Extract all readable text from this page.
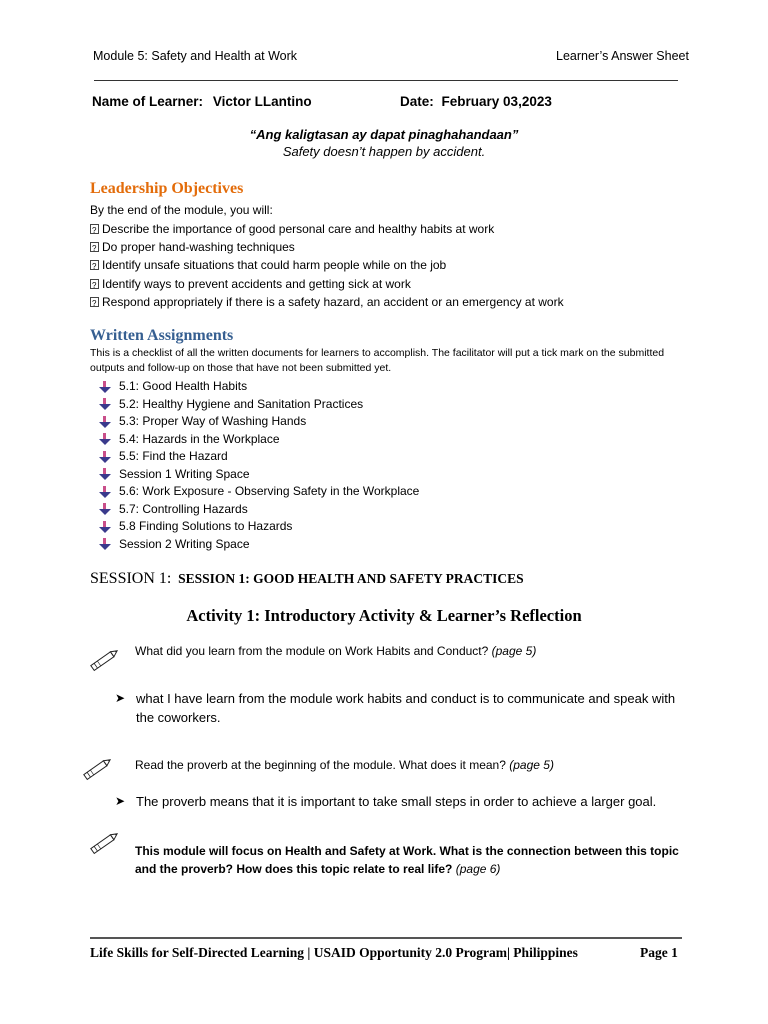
Module 5: Safety and Health at Work	Learner’s Answer Sheet
Name of Learner: Victor LLantino	Date: February 03,2023
“Ang kaligtasan ay dapat pinaghahandaan”
Safety doesn’t happen by accident.
Leadership Objectives
By the end of the module, you will:
?Describe the importance of good personal care and healthy habits at work
?Do proper hand-washing techniques
?Identify unsafe situations that could harm people while on the job
?Identify ways to prevent accidents and getting sick at work
?Respond appropriately if there is a safety hazard, an accident or an emergency at work
Written Assignments
This is a checklist of all the written documents for learners to accomplish. The facilitator will put a tick mark on the submitted outputs and follow-up on those that have not been submitted yet.
5.1: Good Health Habits
5.2: Healthy Hygiene and Sanitation Practices
5.3: Proper Way of Washing Hands
5.4: Hazards in the Workplace
5.5: Find the Hazard
Session 1 Writing Space
5.6: Work Exposure - Observing Safety in the Workplace
5.7: Controlling Hazards
5.8 Finding Solutions to Hazards
Session 2 Writing Space
SESSION 1: SESSION 1: GOOD HEALTH AND SAFETY PRACTICES
Activity 1: Introductory Activity & Learner’s Reflection
What did you learn from the module on Work Habits and Conduct? (page 5)
➤ what I have learn from the module work habits and conduct is to communicate and speak with the coworkers.
Read the proverb at the beginning of the module. What does it mean? (page 5)
➤ The proverb means that it is important to take small steps in order to achieve a larger goal.
This module will focus on Health and Safety at Work. What is the connection between this topic and the proverb? How does this topic relate to real life? (page 6)
Life Skills for Self-Directed Learning | USAID Opportunity 2.0 Program| Philippines	Page 1
